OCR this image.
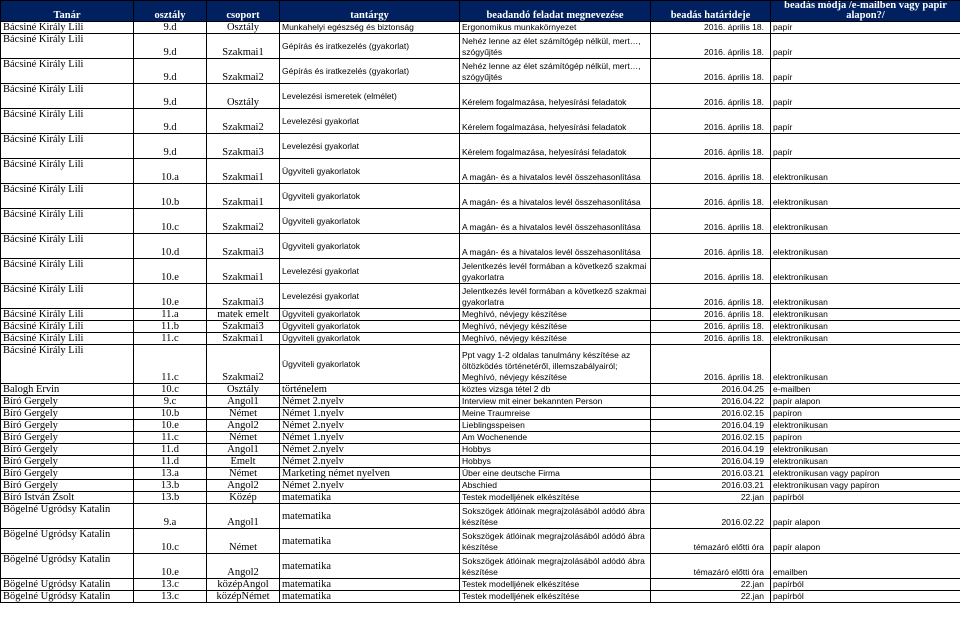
Tanár	osztály	csoport	tantárgy	beadandó feladat megnevezése	beadás határideje	beadás módja /e-mailben vagy papír alapon?/
Bácsiné Király Lili	9.d	Osztály	Munkahelyi egészség és biztonság	Ergonomikus munkakörnyezet	2016. április 18.	papír
Bácsiné Király Lili	9.d	Szakmai1	Gépírás és iratkezelés (gyakorlat)	Nehéz lenne az élet számítógép nélkül, mert…, szógyűjtés	2016. április 18.	papír
Bácsiné Király Lili	9.d	Szakmai2	Gépírás és iratkezelés (gyakorlat)	Nehéz lenne az élet számítógép nélkül, mert…, szógyűjtés	2016. április 18.	papír
Bácsiné Király Lili	9.d	Osztály	Levelezési ismeretek (elmélet)	Kérelem fogalmazása, helyesírási feladatok	2016. április 18.	papír
Bácsiné Király Lili	9.d	Szakmai2	Levelezési gyakorlat	Kérelem fogalmazása, helyesírási feladatok	2016. április 18.	papír
Bácsiné Király Lili	9.d	Szakmai3	Levelezési gyakorlat	Kérelem fogalmazása, helyesírási feladatok	2016. április 18.	papír
Bácsiné Király Lili	10.a	Szakmai1	Ügyviteli gyakorlatok	A magán- és a hivatalos levél összehasonlítása	2016. április 18.	elektronikusan
Bácsiné Király Lili	10.b	Szakmai1	Ügyviteli gyakorlatok	A magán- és a hivatalos levél összehasonlítása	2016. április 18.	elektronikusan
Bácsiné Király Lili	10.c	Szakmai2	Ügyviteli gyakorlatok	A magán- és a hivatalos levél összehasonlítása	2016. április 18.	elektronikusan
Bácsiné Király Lili	10.d	Szakmai3	Ügyviteli gyakorlatok	A magán- és a hivatalos levél összehasonlítása	2016. április 18.	elektronikusan
Bácsiné Király Lili	10.e	Szakmai1	Levelezési gyakorlat	Jelentkezés levél formában a következő szakmai gyakorlatra	2016. április 18.	elektronikusan
Bácsiné Király Lili	10.e	Szakmai3	Levelezési gyakorlat	Jelentkezés levél formában a következő szakmai gyakorlatra	2016. április 18.	elektronikusan
Bácsiné Király Lili	11.a	matek emelt	Ügyviteli gyakorlatok	Meghívó, névjegy készítése	2016. április 18.	elektronikusan
Bácsiné Király Lili	11.b	Szakmai3	Ügyviteli gyakorlatok	Meghívó, névjegy készítése	2016. április 18.	elektronikusan
Bácsiné Király Lili	11.c	Szakmai1	Ügyviteli gyakorlatok	Meghívó, névjegy készítése	2016. április 18.	elektronikusan
Bácsiné Király Lili	11.c	Szakmai2	Ügyviteli gyakorlatok	Ppt vagy 1-2 oldalas tanulmány készítése az öltözködés történetéről, illemszabályairól; Meghívó, névjegy készítése	2016. április 18.	elektronikusan
Balogh Ervin	10.c	Osztály	történelem	köztes vizsga tétel 2 db	2016.04.25	e-mailben
Bíró Gergely	9.c	Angol1	Német 2.nyelv	Interview mit einer bekannten Person	2016.04.22	papír alapon
Bíró Gergely	10.b	Német	Német 1.nyelv	Meine Traumreise	2016.02.15	papíron
Bíró Gergely	10.e	Angol2	Német 2.nyelv	Lieblingsspeisen	2016.04.19	elektronikusan
Bíró Gergely	11.c	Német	Német 1.nyelv	Am Wochenende	2016.02.15	papíron
Bíró Gergely	11.d	Angol1	Német 2.nyelv	Hobbys	2016.04.19	elektronikusan
Bíró Gergely	11.d	Emelt	Német 2.nyelv	Hobbys	2016.04.19	elektronikusan
Bíró Gergely	13.a	Német	Marketing német nyelven	Über eine deutsche Firma	2016.03.21	elektronikusan vagy papíron
Bíró Gergely	13.b	Angol2	Német 2.nyelv	Abschied	2016.03.21	elektronikusan vagy papíron
Bíró István Zsolt	13.b	Közép	matematika	Testek modelljének elkészítése	22.jan	papírból
Bögelné Ugródsy Katalin	9.a	Angol1	matematika	Sokszögek átlóinak megrajzolásából adódó ábra készítése	2016.02.22	papír alapon
Bögelné Ugródsy Katalin	10.c	Német	matematika	Sokszögek átlóinak megrajzolásából adódó ábra készítése	témazáró előtti óra	papír alapon
Bögelné Ugródsy Katalin	10.e	Angol2	matematika	Sokszögek átlóinak megrajzolásából adódó ábra készítése	témazáró előtti óra	emailben
Bögelné Ugródsy Katalin	13.c	középAngol	matematika	Testek modelljének elkészítése	22.jan	papírból
Bögelné Ugródsy Katalin	13.c	középNémet	matematika	Testek modelljének elkészítése	22.jan	papírból
